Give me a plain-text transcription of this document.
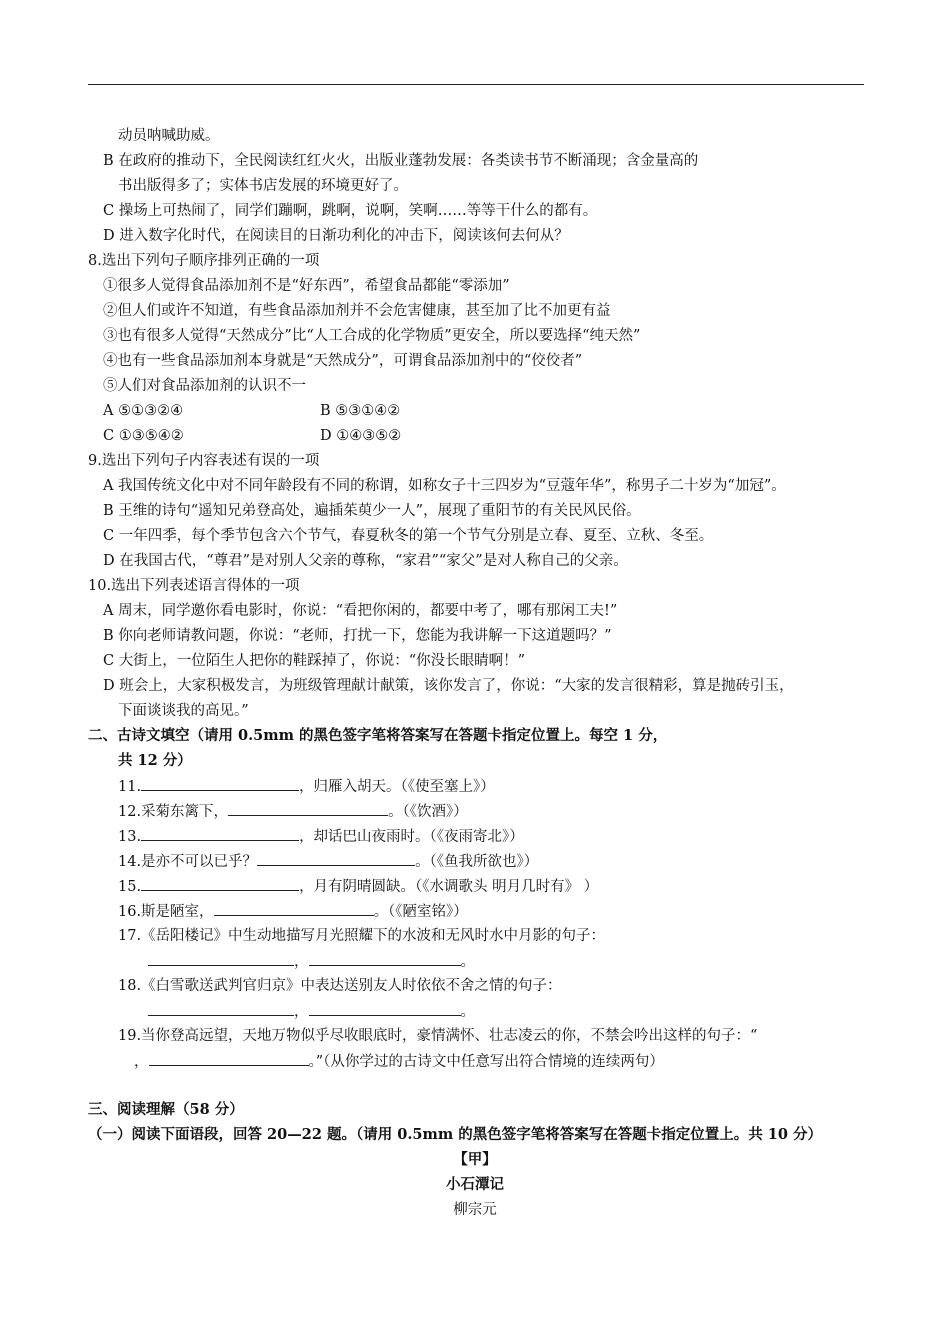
动员呐喊助威。
B 在政府的推动下，全民阅读红红火火，出版业蓬勃发展：各类读书节不断涌现；含金量高的
书出版得多了；实体书店发展的环境更好了。
C 操场上可热闹了，同学们蹦啊，跳啊，说啊，笑啊……等等干什么的都有。
D 进入数字化时代，在阅读目的日渐功利化的冲击下，阅读该何去何从？
8.选出下列句子顺序排列正确的一项
①很多人觉得食品添加剂不是“好东西”，希望食品都能“零添加”
②但人们或许不知道，有些食品添加剂并不会危害健康，甚至加了比不加更有益
③也有很多人觉得“天然成分”比“人工合成的化学物质”更安全，所以要选择“纯天然”
④也有一些食品添加剂本身就是“天然成分”，可谓食品添加剂中的“佼佼者”
⑤人们对食品添加剂的认识不一
A ⑤①③②④	B ⑤③①④②
C ①③⑤④②	D ①④③⑤②
9.选出下列句子内容表述有误的一项
A 我国传统文化中对不同年龄段有不同的称谓，如称女子十三四岁为“豆蔻年华”，称男子二十岁为“加冠”。
B 王维的诗句“遥知兄弟登高处，遍插茱萸少一人”，展现了重阳节的有关民风民俗。
C 一年四季，每个季节包含六个节气，春夏秋冬的第一个节气分别是立春、夏至、立秋、冬至。
D 在我国古代，“尊君”是对别人父亲的尊称，“家君”“家父”是对人称自己的父亲。
10.选出下列表述语言得体的一项
A 周末，同学邀你看电影时，你说：“看把你闲的，都要中考了，哪有那闲工夫!”
B 你向老师请教问题，你说：“老师，打扰一下，您能为我讲解一下这道题吗？”
C 大街上，一位陌生人把你的鞋踩掉了，你说：“你没长眼睛啊！”
D 班会上，大家积极发言，为班级管理献计献策，该你发言了，你说：“大家的发言很精彩，算是抛砖引玉，
下面谈谈我的高见。”
二、古诗文填空（请用 0.5mm 的黑色签字笔将答案写在答题卡指定位置上。每空 1 分，
共 12 分）
11.	，归雁入胡天。（《使至塞上》）
12.采菊东篱下，	。（《饮酒》）
13.	，却话巴山夜雨时。（《夜雨寄北》）
14.是亦不可以已乎？	。（《鱼我所欲也》）
15.	，月有阴晴圆缺。（《水调歌头 明月几时有》 ）
16.斯是陋室，	。（《陋室铭》）
17.《岳阳楼记》中生动地描写月光照耀下的水波和无风时水中月影的句子：
，	。
18.《白雪歌送武判官归京》中表达送别友人时依依不舍之情的句子：
，	。
19.当你登高远望，天地万物似乎尽收眼底时，豪情满怀、壮志凌云的你，不禁会吟出这样的句子：“
，	。”（从你学过的古诗文中任意写出符合情境的连续两句）
三、阅读理解（58 分）
（一）阅读下面语段，回答 20—22 题。（请用 0.5mm 的黑色签字笔将答案写在答题卡指定位置上。共 10 分）
【甲】
小石潭记
柳宗元
